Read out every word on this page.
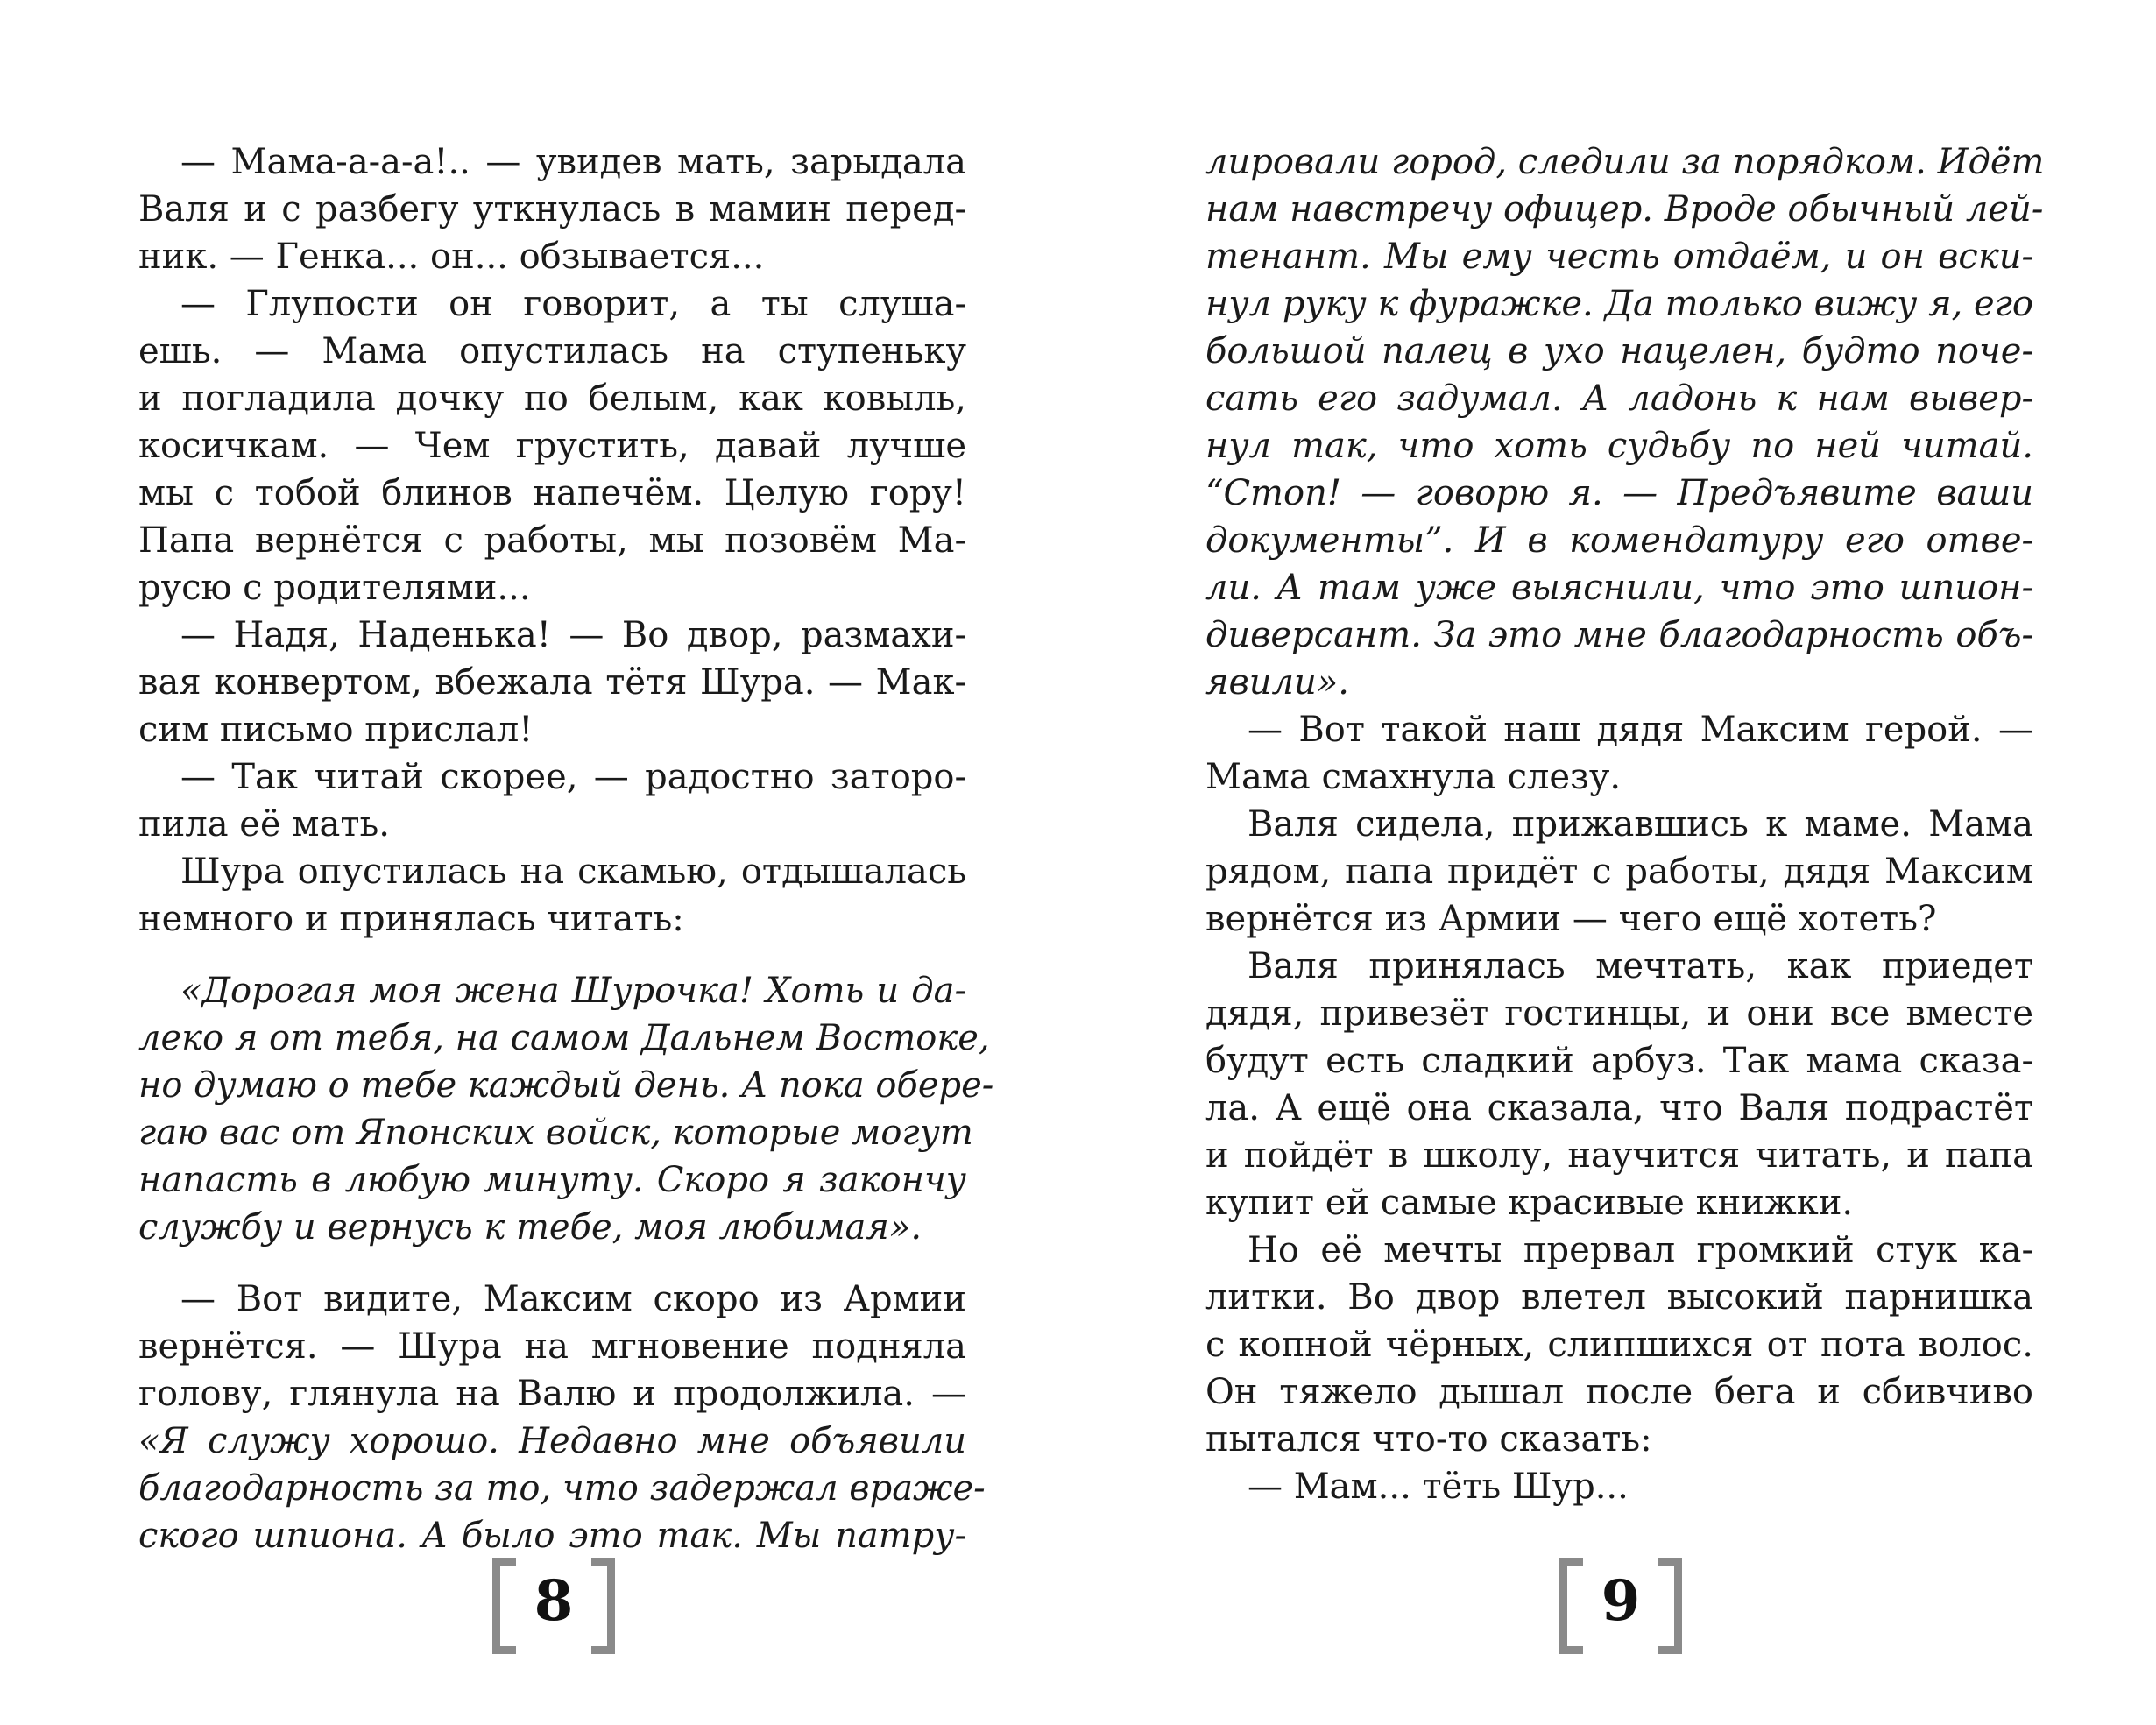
— Мама-а-а-а!.. — увидев мать, зарыдала
Валя и с разбегу уткнулась в мамин перед-
ник. — Генка... он... обзывается...
— Глупости он говорит, а ты слуша-
ешь. — Мама опустилась на ступеньку
и погладила дочку по белым, как ковыль,
косичкам. — Чем грустить, давай лучше
мы с тобой блинов напечём. Целую гору!
Папа вернётся с работы, мы позовём Ма-
русю с родителями...
— Надя, Наденька! — Во двор, размахи-
вая конвертом, вбежала тётя Шура. — Мак-
сим письмо прислал!
— Так читай скорее, — радостно заторо-
пила её мать.
Шура опустилась на скамью, отдышалась
немного и принялась читать:
«Дорогая моя жена Шурочка! Хоть и да-
леко я от тебя, на самом Дальнем Востоке,
но думаю о тебе каждый день. А пока обере-
гаю вас от Японских войск, которые могут
напасть в любую минуту. Скоро я закончу
службу и вернусь к тебе, моя любимая».
— Вот видите, Максим скоро из Армии
вернётся. — Шура на мгновение подняла
голову, глянула на Валю и продолжила. —
«Я служу хорошо. Недавно мне объявили
благодарность за то, что задержал враже-
ского шпиона. А было это так. Мы патру-
лировали город, следили за порядком. Идёт
нам навстречу офицер. Вроде обычный лей-
тенант. Мы ему честь отдаём, и он вски-
нул руку к фуражке. Да только вижу я, его
большой палец в ухо нацелен, будто поче-
сать его задумал. А ладонь к нам вывер-
нул так, что хоть судьбу по ней читай.
“Стоп! — говорю я. — Предъявите ваши
документы”. И в комендатуру его отве-
ли. А там уже выяснили, что это шпион-
диверсант. За это мне благодарность объ-
явили».
— Вот такой наш дядя Максим герой. —
Мама смахнула слезу.
Валя сидела, прижавшись к маме. Мама
рядом, папа придёт с работы, дядя Максим
вернётся из Армии — чего ещё хотеть?
Валя принялась мечтать, как приедет
дядя, привезёт гостинцы, и они все вместе
будут есть сладкий арбуз. Так мама сказа-
ла. А ещё она сказала, что Валя подрастёт
и пойдёт в школу, научится читать, и папа
купит ей самые красивые книжки.
Но её мечты прервал громкий стук ка-
литки. Во двор влетел высокий парнишка
с копной чёрных, слипшихся от пота волос.
Он тяжело дышал после бега и сбивчиво
пытался что-то сказать:
— Мам... тёть Шур...
8	9
